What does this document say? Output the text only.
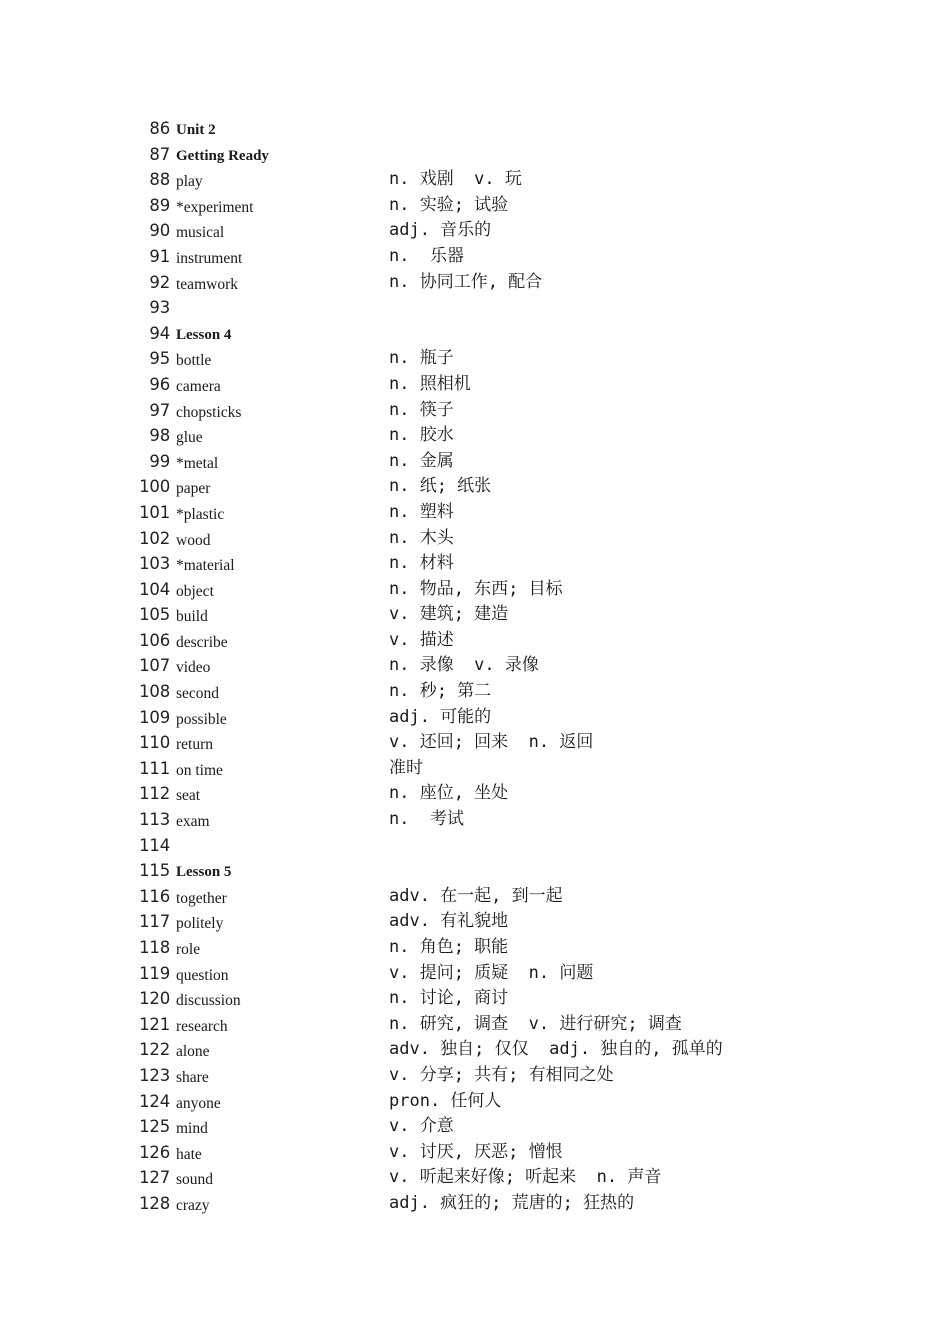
86 Unit 2
87 Getting Ready
88 play	n. 戏剧  v. 玩
89 *experiment	n. 实验; 试验
90 musical	adj. 音乐的
91 instrument	n.  乐器
92 teamwork	n. 协同工作, 配合
93
94 Lesson 4
95 bottle	n. 瓶子
96 camera	n. 照相机
97 chopsticks	n. 筷子
98 glue	n. 胶水
99 *metal	n. 金属
100 paper	n. 纸; 纸张
101 *plastic	n. 塑料
102 wood	n. 木头
103 *material	n. 材料
104 object	n. 物品, 东西; 目标
105 build	v. 建筑; 建造
106 describe	v. 描述
107 video	n. 录像  v. 录像
108 second	n. 秒; 第二
109 possible	adj. 可能的
110 return	v. 还回; 回来  n. 返回
111 on time	准时
112 seat	n. 座位, 坐处
113 exam	n.  考试
114
115 Lesson 5
116 together	adv. 在一起, 到一起
117 politely	adv. 有礼貌地
118 role	n. 角色; 职能
119 question	v. 提问; 质疑  n. 问题
120 discussion	n. 讨论, 商讨
121 research	n. 研究, 调查  v. 进行研究; 调查
122 alone	adv. 独自; 仅仅  adj. 独自的, 孤单的
123 share	v. 分享; 共有; 有相同之处
124 anyone	pron. 任何人
125 mind	v. 介意
126 hate	v. 讨厌, 厌恶; 憎恨
127 sound	v. 听起来好像; 听起来  n. 声音
128 crazy	adj. 疯狂的; 荒唐的; 狂热的
